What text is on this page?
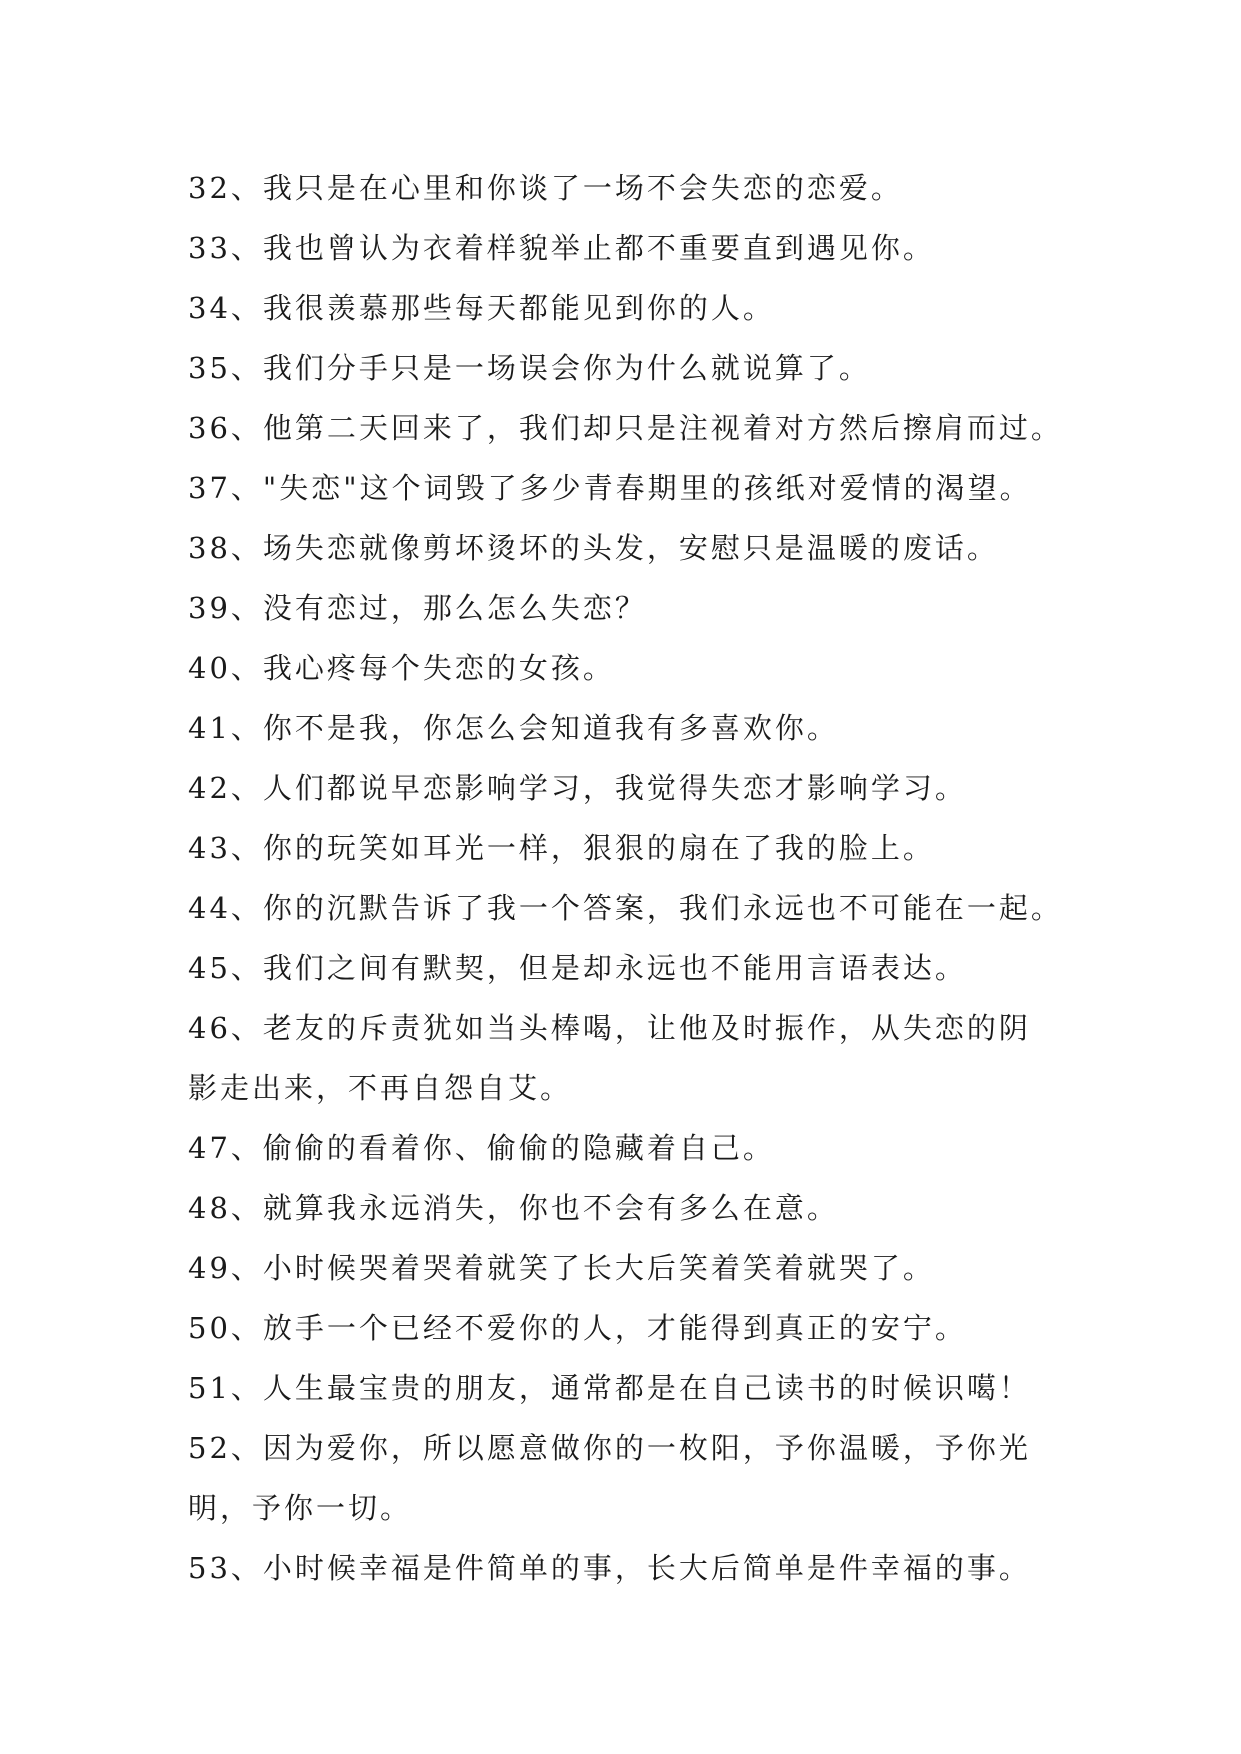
32、我只是在心里和你谈了一场不会失恋的恋爱。
33、我也曾认为衣着样貌举止都不重要直到遇见你。
34、我很羡慕那些每天都能见到你的人。
35、我们分手只是一场误会你为什么就说算了。
36、他第二天回来了，我们却只是注视着对方然后擦肩而过。
37、"失恋"这个词毁了多少青春期里的孩纸对爱情的渴望。
38、场失恋就像剪坏烫坏的头发，安慰只是温暖的废话。
39、没有恋过，那么怎么失恋？
40、我心疼每个失恋的女孩。
41、你不是我，你怎么会知道我有多喜欢你。
42、人们都说早恋影响学习，我觉得失恋才影响学习。
43、你的玩笑如耳光一样，狠狠的扇在了我的脸上。
44、你的沉默告诉了我一个答案，我们永远也不可能在一起。
45、我们之间有默契，但是却永远也不能用言语表达。
46、老友的斥责犹如当头棒喝，让他及时振作，从失恋的阴
影走出来，不再自怨自艾。
47、偷偷的看着你、偷偷的隐藏着自己。
48、就算我永远消失，你也不会有多么在意。
49、小时候哭着哭着就笑了长大后笑着笑着就哭了。
50、放手一个已经不爱你的人，才能得到真正的安宁。
51、人生最宝贵的朋友，通常都是在自己读书的时候识噶！
52、因为爱你，所以愿意做你的一枚阳，予你温暖，予你光
明，予你一切。
53、小时候幸福是件简单的事，长大后简单是件幸福的事。
